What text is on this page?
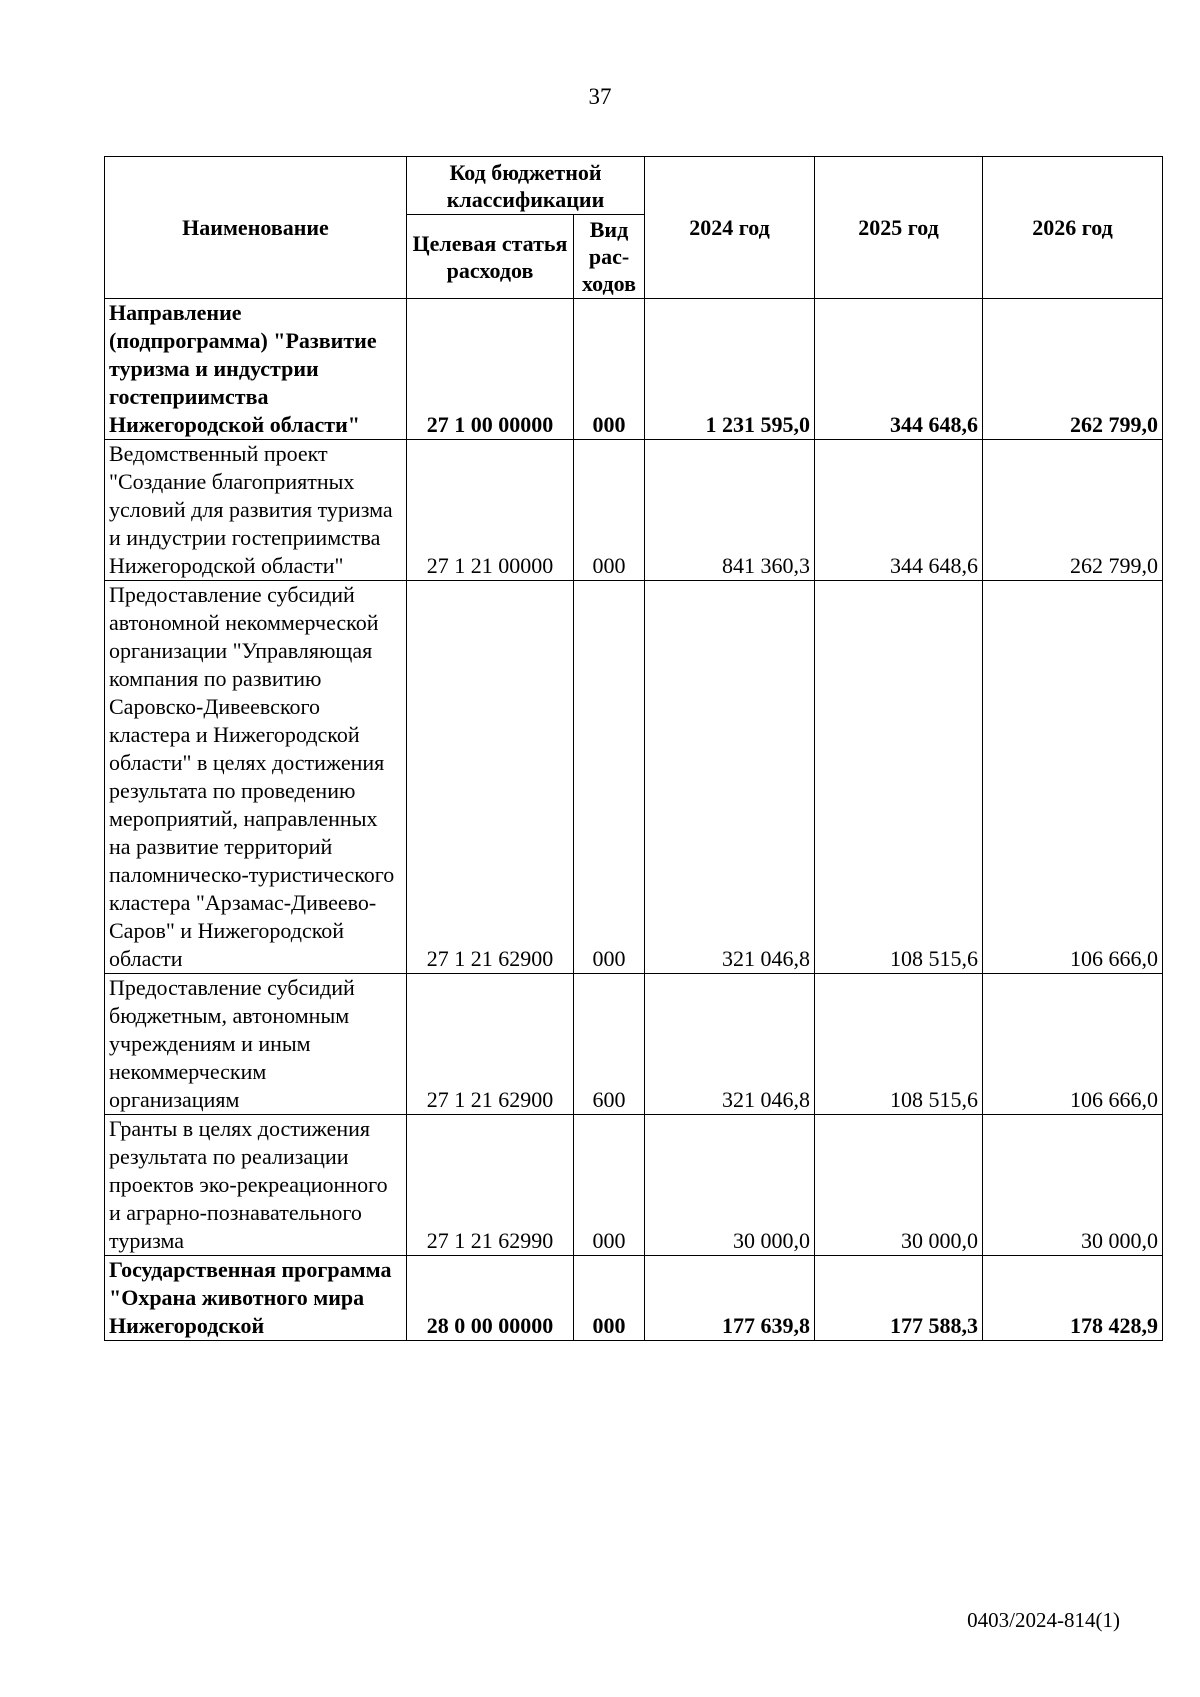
37
Наименование	Код бюджетной классификации		2024 год	2025 год	2026 год
	Целевая статья расходов	Вид рас-ходов			
Направление (подпрограмма) "Развитие туризма и индустрии гостеприимства Нижегородской области"	27 1 00 00000	000	1 231 595,0	344 648,6	262 799,0
Ведомственный проект "Создание благоприятных условий для развития туризма и индустрии гостеприимства Нижегородской области"	27 1 21 00000	000	841 360,3	344 648,6	262 799,0
Предоставление субсидий автономной некоммерческой организации "Управляющая компания по развитию Саровско-Дивеевского кластера и Нижегородской области" в целях достижения результата по проведению мероприятий, направленных на развитие территорий паломническо-туристического кластера "Арзамас-Дивеево-Саров" и Нижегородской области	27 1 21 62900	000	321 046,8	108 515,6	106 666,0
Предоставление субсидий бюджетным, автономным учреждениям и иным некоммерческим организациям	27 1 21 62900	600	321 046,8	108 515,6	106 666,0
Гранты в целях достижения результата по реализации проектов эко-рекреационного и аграрно-познавательного туризма	27 1 21 62990	000	30 000,0	30 000,0	30 000,0
Государственная программа "Охрана животного мира Нижегородской	28 0 00 00000	000	177 639,8	177 588,3	178 428,9
0403/2024-814(1)
